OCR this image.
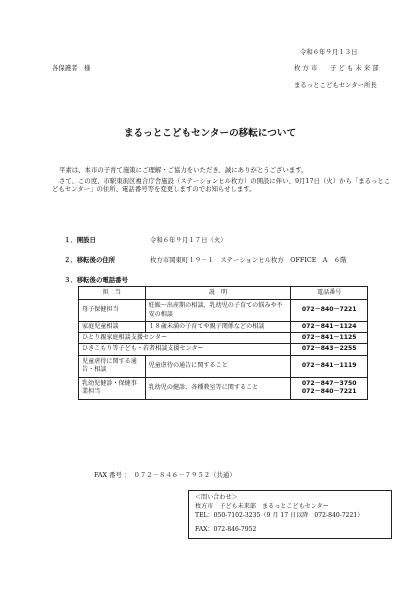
令和６年９月１３日
各保護者　様	枚 方 市　　子 ど も 未 来 部
まるっとこどもセンター所長
まるっとこどもセンターの移転について

平素は、本市の子育て施策にご理解・ご協力をいただき、誠にありがとうございます。

さて、この度、市駅東街区複合庁舎施設（ステーションヒル枚方）の開設に伴い、9月17日（火）から「まるっとこどもセンター」の住所、電話番号等を変更しますのでお知らせします。

１．開設日	令和６年９月１７日（火）
２．移転後の住所	枚方市岡東町１９－１　ステーションヒル枚方　OFFICE　A　６階
３．移転後の電話番号
担　当	説　明	電話番号
母子保健担当	妊娠～出産期の相談、乳幼児の子育ての悩みや不安の相談	072－840－7221
家庭児童相談	１８歳未満の子育てや親子関係などの相談	072－841－1124
ひとり親家庭相談支援センター		072－841－1125
ひきこもり等子ども・若者相談支援センター		072－843－2255
児童虐待に関する通告・相談	児童虐待の通告に関すること	072－841－1119
乳幼児健診・保健事業担当	乳幼児の健診、各種教室等に関すること	072－847－3750
072－840－7221
FAX 番号 ：　０７２－８４６－７９５２（共通）
＜問い合わせ＞
枚方市　子ども未来部　まるっとこどもセンター
TEL：050-7102-3235（9 月 17 日以降　072-840-7221）
FAX：072-846-7952
